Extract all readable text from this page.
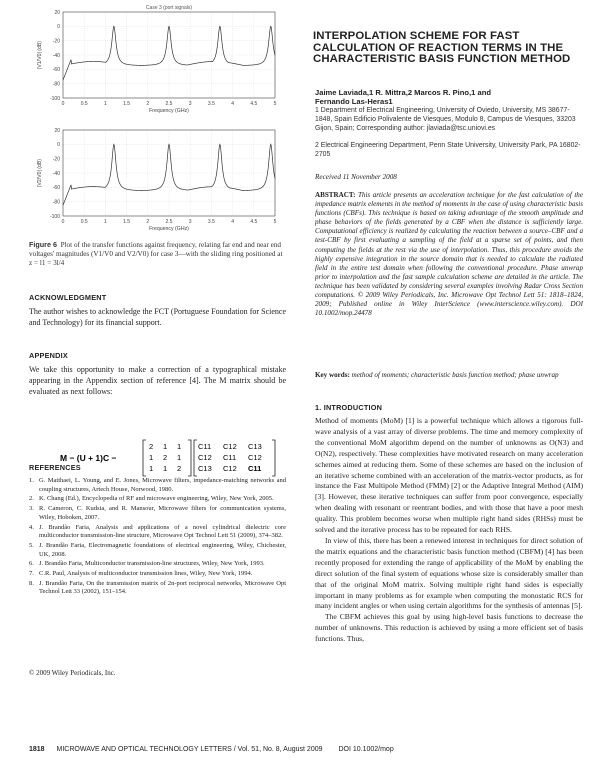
Case 3 (port signals)
0	0.5	1	1.5	2	2.5	3	3.5	4	4.5	5
20
0
-20
-40
-60
-80
-100
Frequency (GHz)
|V1/V0| (dB)
0	0.5	1	1.5	2	2.5	3	3.5	4	4.5	5
20
0
-20
-40
-60
-80
-100
Frequency (GHz)
|V2/V0| (dB)
Figure 6 Plot of the transfer functions against frequency, relating far end and near end voltages' magnitudes (V1/V0 and V2/V0) for case 3—with the sliding ring positioned at z = l1 = 3l/4
ACKNOWLEDGMENT
The author wishes to acknowledge the FCT (Portuguese Foundation for Science and Technology) for its financial support.
APPENDIX
We take this opportunity to make a correction of a typographical mistake appearing in the Appendix section of reference [4]. The M matrix should be evaluated as next follows:
REFERENCES
1. G. Matthaei, L. Young, and E. Jones, Microwave filters, impedance-matching networks and coupling structures, Artech House, Norwood, 1980.
2. K. Chang (Ed.), Encyclopedia of RF and microwave engineering, Wiley, New York, 2005.
3. R. Cameron, C. Kudsia, and R. Mansour, Microwave filters for communication systems, Wiley, Hoboken, 2007.
4. J. Brandão Faria, Analysis and applications of a novel cylindrical dielectric core multiconductor transmission-line structure, Microwave Opt Technol Lett 51 (2009), 374–382.
5. J. Brandão Faria, Electromagnetic foundations of electrical engineering, Wiley, Chichester, UK, 2008.
6. J. Brandão Faria, Multiconductor transmission-line structures, Wiley, New York, 1993.
7. C.R. Paul, Analysis of multiconductor transmission lines, Wiley, New York, 1994.
8. J. Brandão Faria, On the transmission matrix of 2n-port reciprocal networks, Microwave Opt Technol Lett 33 (2002), 151–154.
© 2009 Wiley Periodicals, Inc.
M − (U + 1)C −
2 1 1
1 2 1
1 1 2
C11 C12 C13
C12 C11 C12
C13 C12 C11
INTERPOLATION SCHEME FOR FAST CALCULATION OF REACTION TERMS IN THE CHARACTERISTIC BASIS FUNCTION METHOD
Jaime Laviada,1 R. Mittra,2 Marcos R. Pino,1 and Fernando Las-Heras1
1 Department of Electrical Engineering, University of Oviedo, University, MS 38677-1848, Spain Edificio Polivalente de Viesques, Modulo 8, Campus de Viesques, 33203 Gijon, Spain; Corresponding author: jlaviada@tsc.uniovi.es
2 Electrical Engineering Department, Penn State University, University Park, PA 16802-2705
Received 11 November 2008
ABSTRACT: This article presents an acceleration technique for the fast calculation of the impedance matrix elements in the method of moments in the case of using characteristic basis functions (CBFs). This technique is based on taking advantage of the smooth amplitude and phase behaviors of the fields generated by a CBF when the distance is sufficiently large. Computational efficiency is realized by calculating the reaction between a source–CBF and a test-CBF by first evaluating a sampling of the field at a sparse set of points, and then computing the fields at the rest via the use of interpolation. Thus, this procedure avoids the highly expensive integration in the source domain that is needed to calculate the radiated field in the entire test domain when following the conventional procedure. Phase unwrap prior to interpolation and the fast sample calculation scheme are detailed in the article. The technique has been validated by considering several examples involving Radar Cross Section computations. © 2009 Wiley Periodicals, Inc. Microwave Opt Technol Lett 51: 1818–1824, 2009; Published online in Wiley InterScience (www.interscience.wiley.com). DOI 10.1002/mop.24478
Key words: method of moments; characteristic basis function method; phase unwrap
1. INTRODUCTION
Method of moments (MoM) [1] is a powerful technique which allows a rigorous full-wave analysis of a vast array of diverse problems. The time and memory complexity of the conventional MoM algorithm depend on the number of unknowns as O(N3) and O(N2), respectively. These complexities have motivated research on many acceleration schemes aimed at reducing them. Some of these schemes are based on the inclusion of an iterative scheme combined with an acceleration of the matrix-vector products, as for instance the Fast Multipole Method (FMM) [2] or the Adaptive Integral Method (AIM) [3]. However, these iterative techniques can suffer from poor convergence, especially when dealing with resonant or reentrant bodies, and with those that have a poor mesh quality. This problem becomes worse when multiple right hand sides (RHSs) must be solved and the iterative process has to be repeated for each RHS.
In view of this, there has been a renewed interest in techniques for direct solution of the matrix equations and the characteristic basis function method (CBFM) [4] has been recently proposed for extending the range of applicability of the MoM by enabling the direct solution of the final system of equations whose size is considerably smaller than that of the original MoM matrix. Solving multiple right hand sides is especially important in many problems as for example when computing the monostatic RCS for many incident angles or when using certain algorithms for the synthesis of antennas [5].
The CBFM achieves this goal by using high-level basis functions to decrease the number of unknowns. This reduction is achieved by using a more efficient set of basis functions. Thus,
1818 MICROWAVE AND OPTICAL TECHNOLOGY LETTERS / Vol. 51, No. 8, August 2009 DOI 10.1002/mop
